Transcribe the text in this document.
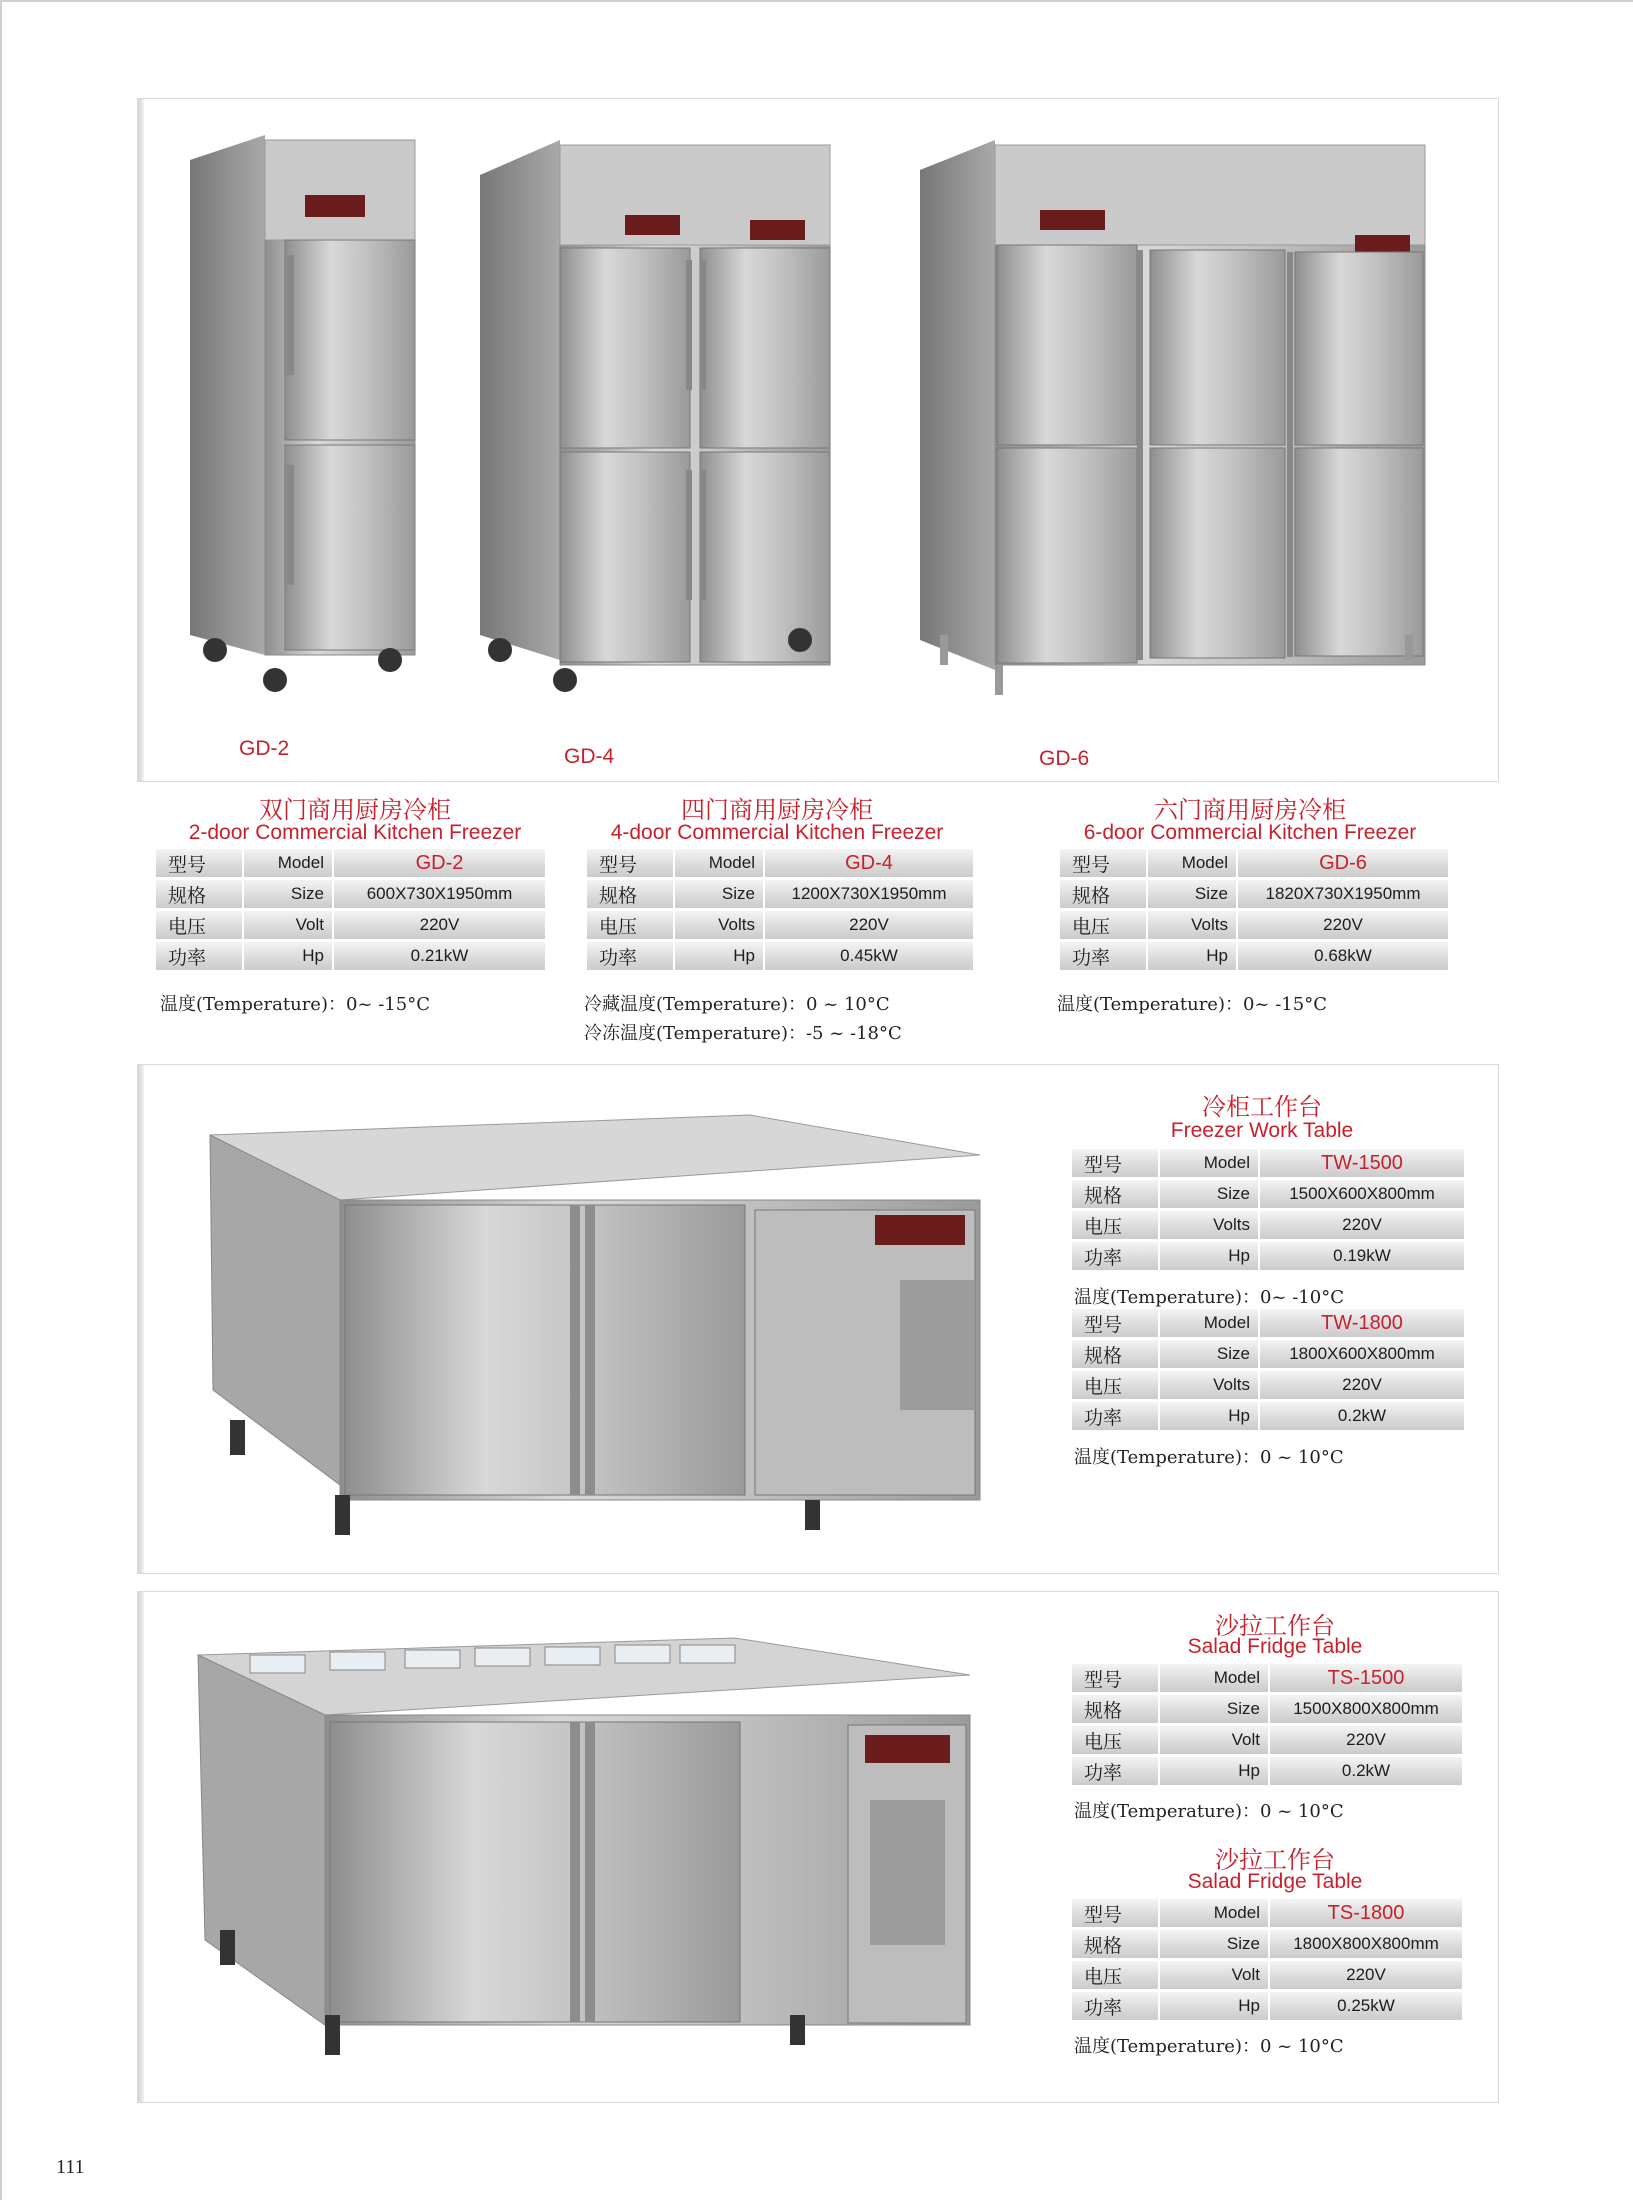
GD-2	GD-4	GD-6
双门商用厨房冷柜
2-door Commercial Kitchen Freezer
型号	Model	GD-2
规格	Size	600X730X1950mm
电压	Volt	220V
功率	Hp	0.21kW
温度(Temperature)：0~ -15°C
四门商用厨房冷柜
4-door Commercial Kitchen Freezer
型号	Model	GD-4
规格	Size	1200X730X1950mm
电压	Volts	220V
功率	Hp	0.45kW
冷藏温度(Temperature)：0 ~ 10°C
冷冻温度(Temperature)：-5 ~ -18°C
六门商用厨房冷柜
6-door Commercial Kitchen Freezer
型号	Model	GD-6
规格	Size	1820X730X1950mm
电压	Volts	220V
功率	Hp	0.68kW
温度(Temperature)：0~ -15°C
冷柜工作台
Freezer Work Table
型号	Model	TW-1500
规格	Size	1500X600X800mm
电压	Volts	220V
功率	Hp	0.19kW
温度(Temperature)：0~ -10°C
型号	Model	TW-1800
规格	Size	1800X600X800mm
电压	Volts	220V
功率	Hp	0.2kW
温度(Temperature)：0 ~ 10°C
沙拉工作台
Salad Fridge Table
型号	Model	TS-1500
规格	Size	1500X800X800mm
电压	Volt	220V
功率	Hp	0.2kW
温度(Temperature)：0 ~ 10°C
沙拉工作台
Salad Fridge Table
型号	Model	TS-1800
规格	Size	1800X800X800mm
电压	Volt	220V
功率	Hp	0.25kW
温度(Temperature)：0 ~ 10°C
111
